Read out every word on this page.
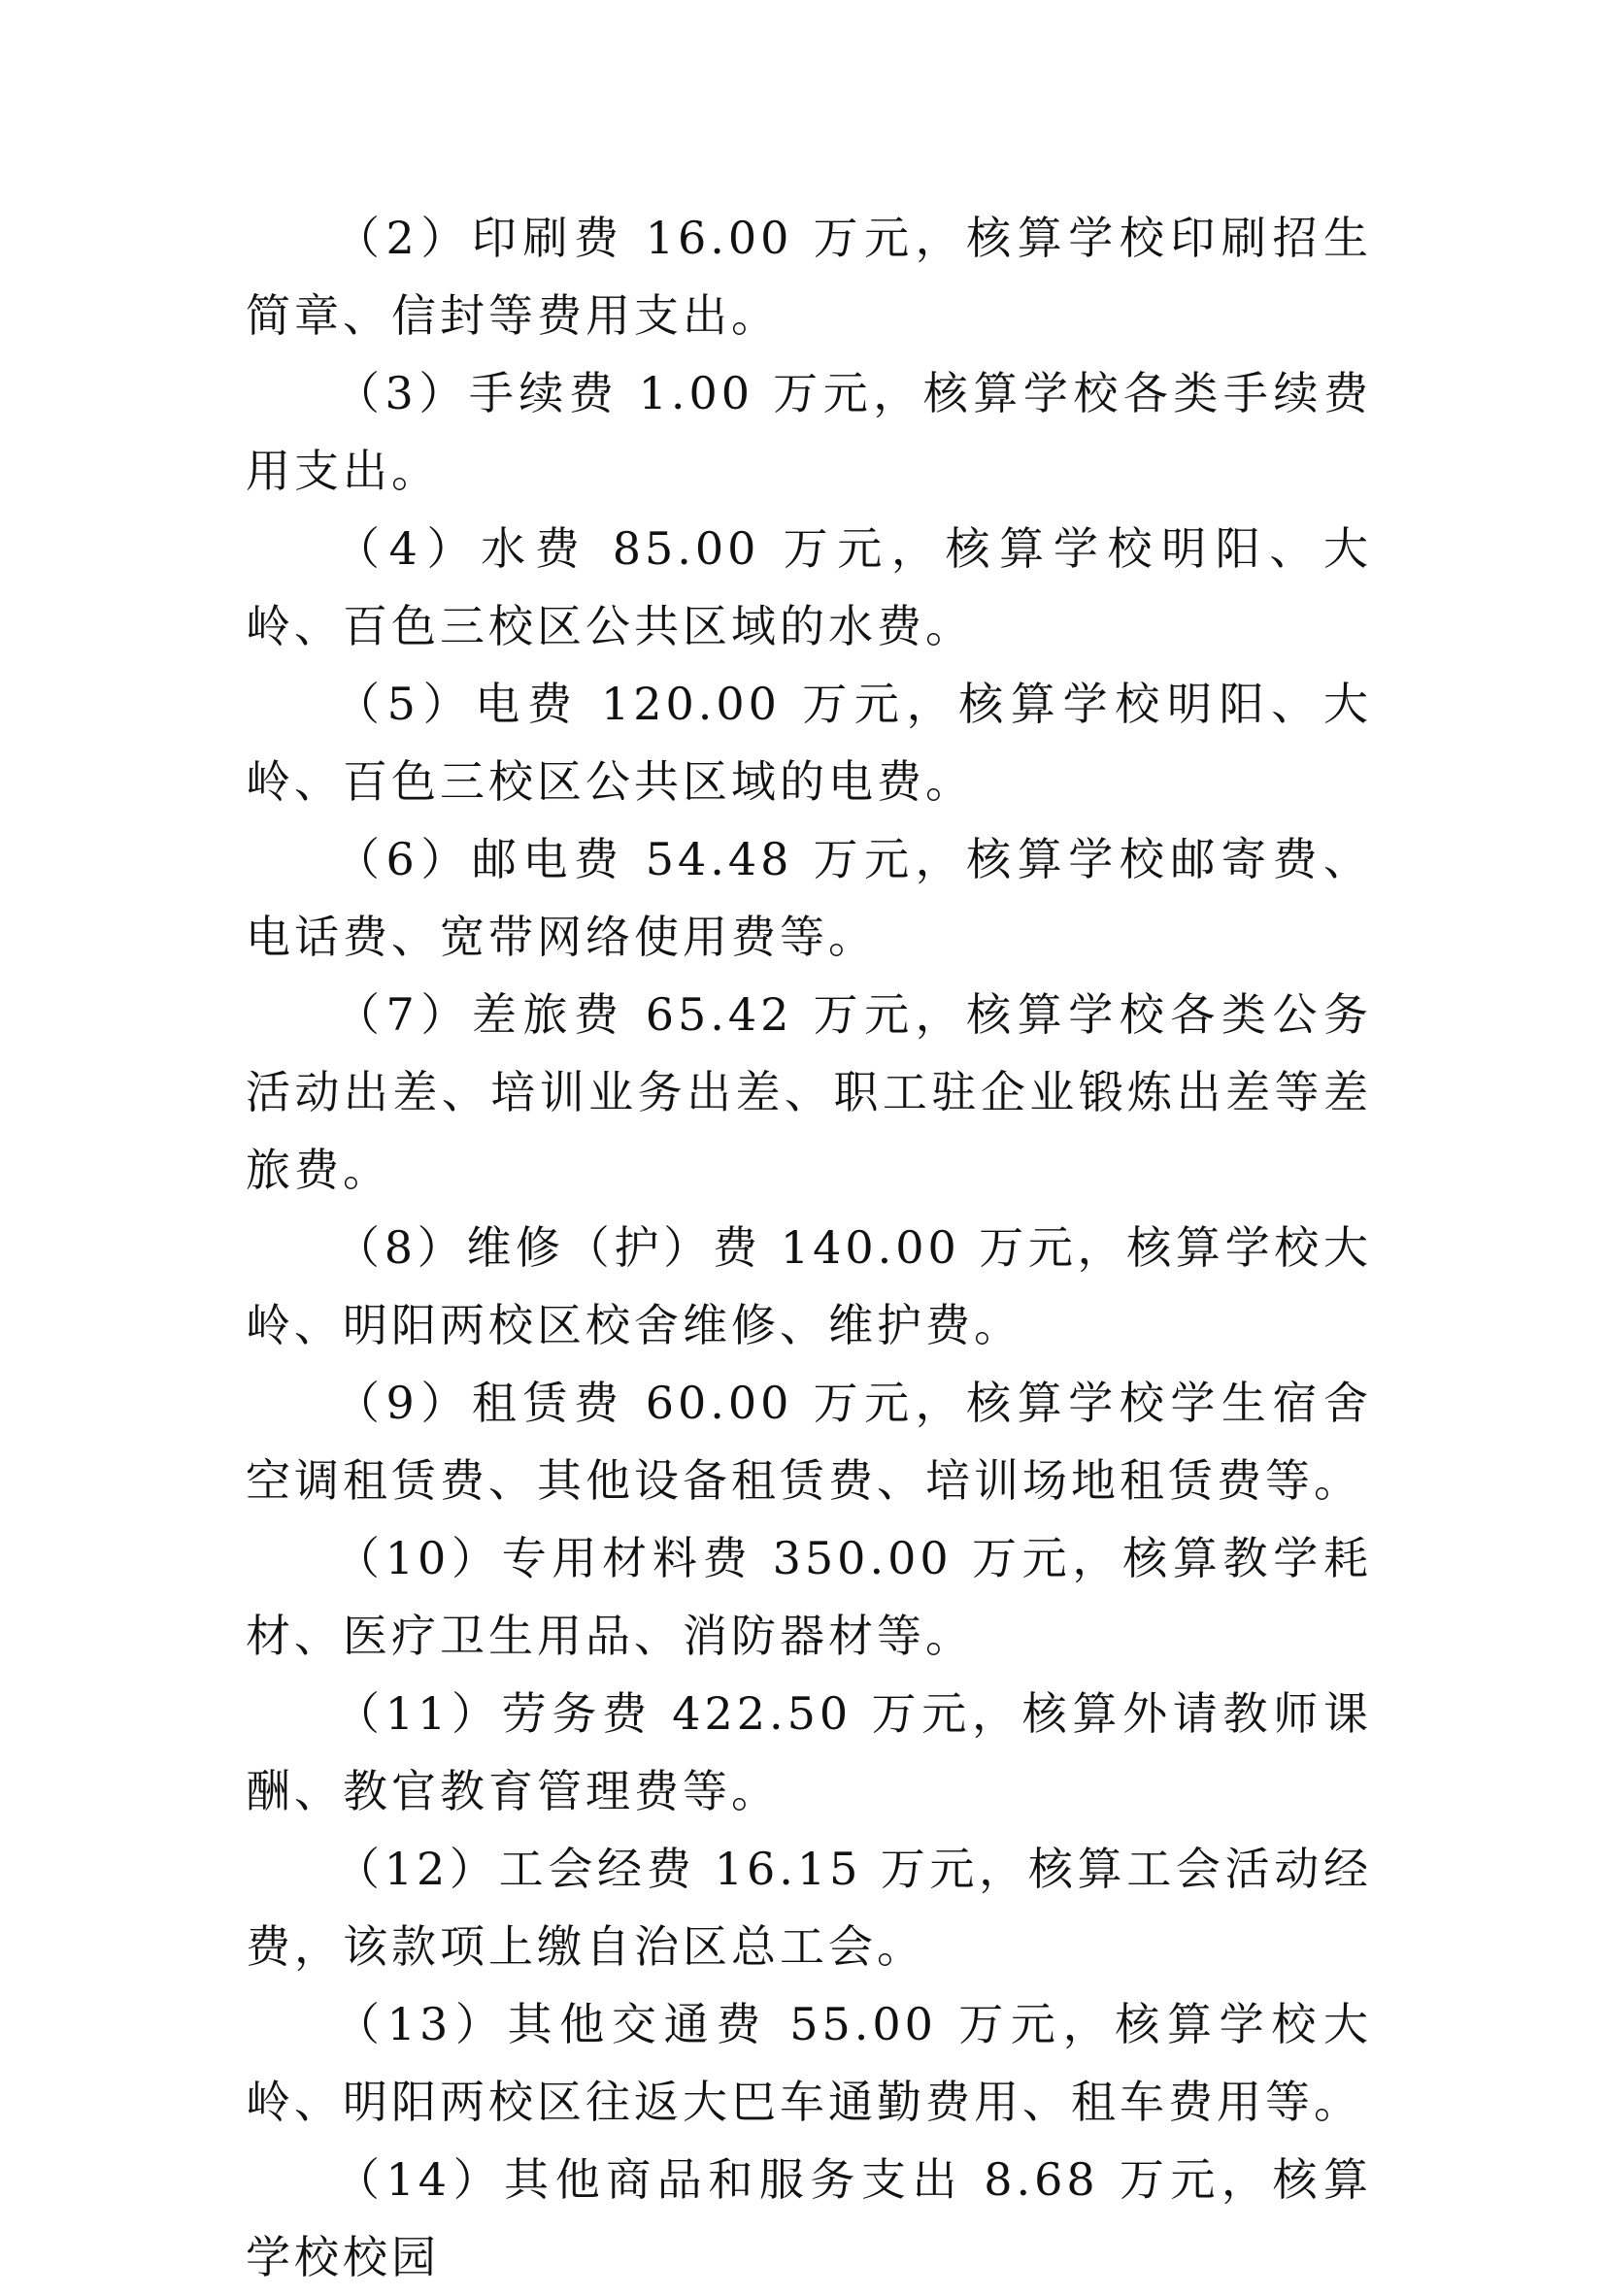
（2）印刷费 16.00 万元，核算学校印刷招生简章、信封等费用支出。

（3）手续费 1.00 万元，核算学校各类手续费用支出。

（4）水费 85.00 万元，核算学校明阳、大岭、百色三校区公共区域的水费。

（5）电费 120.00 万元，核算学校明阳、大岭、百色三校区公共区域的电费。

（6）邮电费 54.48 万元，核算学校邮寄费、电话费、宽带网络使用费等。

（7）差旅费 65.42 万元，核算学校各类公务活动出差、培训业务出差、职工驻企业锻炼出差等差旅费。

（8）维修（护）费 140.00 万元，核算学校大岭、明阳两校区校舍维修、维护费。

（9）租赁费 60.00 万元，核算学校学生宿舍空调租赁费、其他设备租赁费、培训场地租赁费等。

（10）专用材料费 350.00 万元，核算教学耗材、医疗卫生用品、消防器材等。

（11）劳务费 422.50 万元，核算外请教师课酬、教官教育管理费等。

（12）工会经费 16.15 万元，核算工会活动经费，该款项上缴自治区总工会。

（13）其他交通费 55.00 万元，核算学校大岭、明阳两校区往返大巴车通勤费用、租车费用等。

（14）其他商品和服务支出 8.68 万元，核算学校校园
